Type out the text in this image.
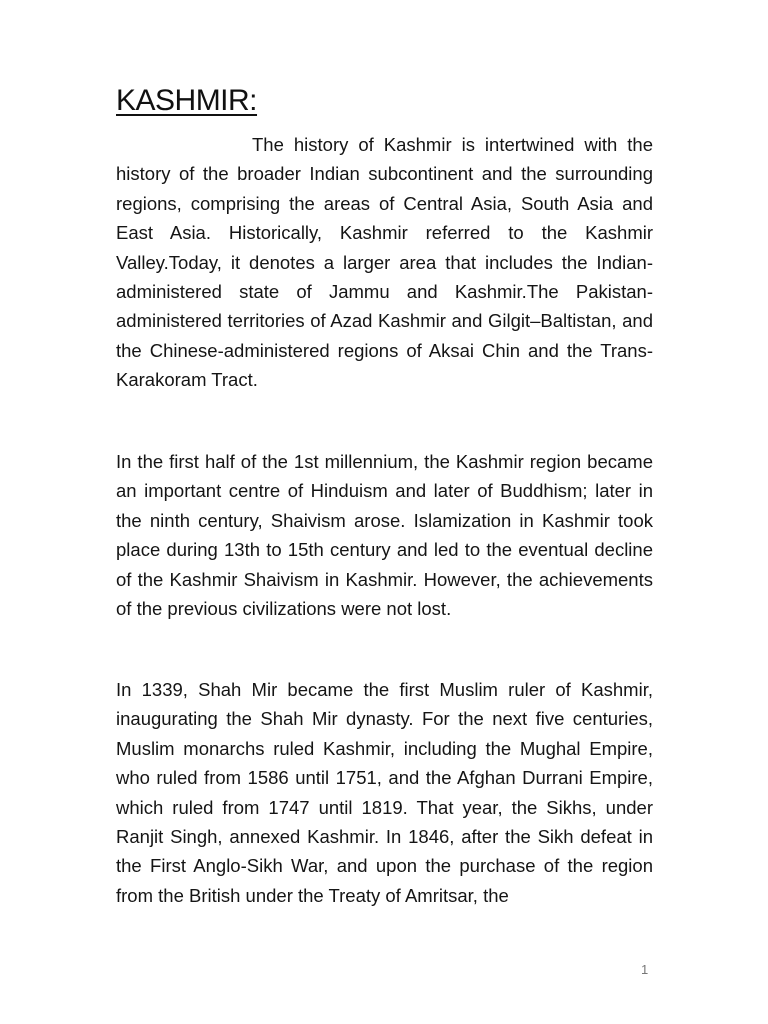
KASHMIR:

The history of Kashmir is intertwined with the history of the broader Indian subcontinent and the surrounding regions, comprising the areas of Central Asia, South Asia and East Asia. Historically, Kashmir referred to the Kashmir Valley.Today, it denotes a larger area that includes the Indian-administered state of Jammu and Kashmir.The Pakistan-administered territories of Azad Kashmir and Gilgit–Baltistan, and the Chinese-administered regions of Aksai Chin and the Trans-Karakoram Tract.

In the first half of the 1st millennium, the Kashmir region became an important centre of Hinduism and later of Buddhism; later in the ninth century, Shaivism arose. Islamization in Kashmir took place during 13th to 15th century and led to the eventual decline of the Kashmir Shaivism in Kashmir. However, the achievements of the previous civilizations were not lost.

In 1339, Shah Mir became the first Muslim ruler of Kashmir, inaugurating the Shah Mir dynasty. For the next five centuries, Muslim monarchs ruled Kashmir, including the Mughal Empire, who ruled from 1586 until 1751, and the Afghan Durrani Empire, which ruled from 1747 until 1819. That year, the Sikhs, under Ranjit Singh, annexed Kashmir. In 1846, after the Sikh defeat in the First Anglo-Sikh War, and upon the purchase of the region from the British under the Treaty of Amritsar, the

1
